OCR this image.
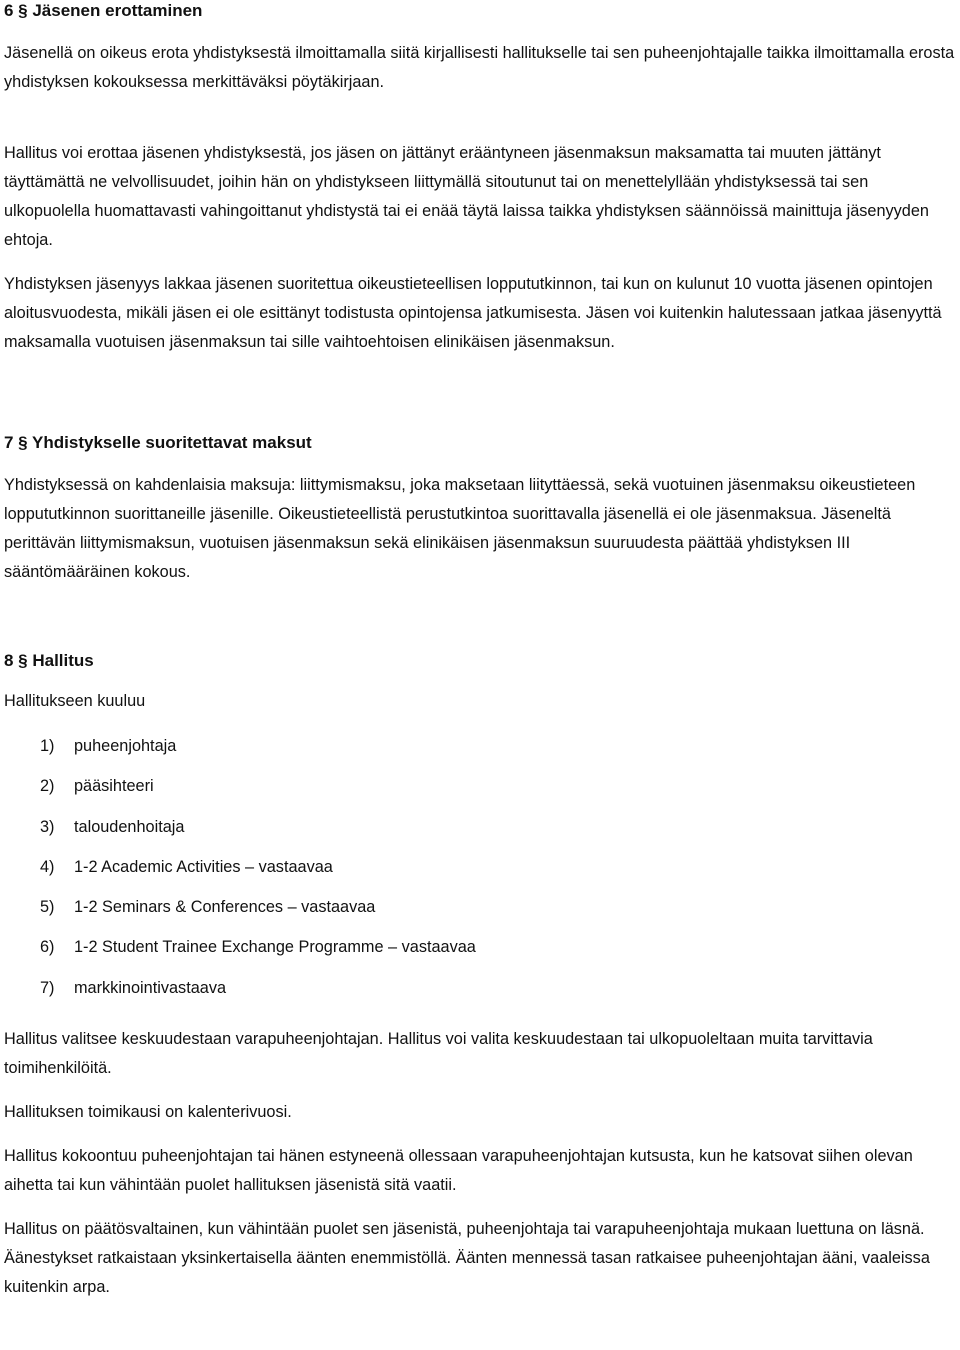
6 § Jäsenen erottaminen

Jäsenellä on oikeus erota yhdistyksestä ilmoittamalla siitä kirjallisesti hallitukselle tai sen puheenjohtajalle taikka ilmoittamalla erosta yhdistyksen kokouksessa merkittäväksi pöytäkirjaan.

Hallitus voi erottaa jäsenen yhdistyksestä, jos jäsen on jättänyt erääntyneen jäsenmaksun maksamatta tai muuten jättänyt täyttämättä ne velvollisuudet, joihin hän on yhdistykseen liittymällä sitoutunut tai on menettelyllään yhdistyksessä tai sen ulkopuolella huomattavasti vahingoittanut yhdistystä tai ei enää täytä laissa taikka yhdistyksen säännöissä mainittuja jäsenyyden ehtoja.

Yhdistyksen jäsenyys lakkaa jäsenen suoritettua oikeustieteellisen loppututkinnon, tai kun on kulunut 10 vuotta jäsenen opintojen aloitusvuodesta, mikäli jäsen ei ole esittänyt todistusta opintojensa jatkumisesta. Jäsen voi kuitenkin halutessaan jatkaa jäsenyyttä maksamalla vuotuisen jäsenmaksun tai sille vaihtoehtoisen elinikäisen jäsenmaksun.

7 § Yhdistykselle suoritettavat maksut

Yhdistyksessä on kahdenlaisia maksuja: liittymismaksu, joka maksetaan liityttäessä, sekä vuotuinen jäsenmaksu oikeustieteen loppututkinnon suorittaneille jäsenille. Oikeustieteellistä perustutkintoa suorittavalla jäsenellä ei ole jäsenmaksua. Jäseneltä perittävän liittymismaksun, vuotuisen jäsenmaksun sekä elinikäisen jäsenmaksun suuruudesta päättää yhdistyksen III sääntömääräinen kokous.

8 § Hallitus

Hallitukseen kuuluu

1) puheenjohtaja
2) pääsihteeri
3) taloudenhoitaja
4) 1-2 Academic Activities – vastaavaa
5) 1-2 Seminars & Conferences – vastaavaa
6) 1-2 Student Trainee Exchange Programme – vastaavaa
7) markkinointivastaava

Hallitus valitsee keskuudestaan varapuheenjohtajan. Hallitus voi valita keskuudestaan tai ulkopuoleltaan muita tarvittavia toimihenkilöitä.

Hallituksen toimikausi on kalenterivuosi.

Hallitus kokoontuu puheenjohtajan tai hänen estyneenä ollessaan varapuheenjohtajan kutsusta, kun he katsovat siihen olevan aihetta tai kun vähintään puolet hallituksen jäsenistä sitä vaatii.

Hallitus on päätösvaltainen, kun vähintään puolet sen jäsenistä, puheenjohtaja tai varapuheenjohtaja mukaan luettuna on läsnä. Äänestykset ratkaistaan yksinkertaisella äänten enemmistöllä. Äänten mennessä tasan ratkaisee puheenjohtajan ääni, vaaleissa kuitenkin arpa.
